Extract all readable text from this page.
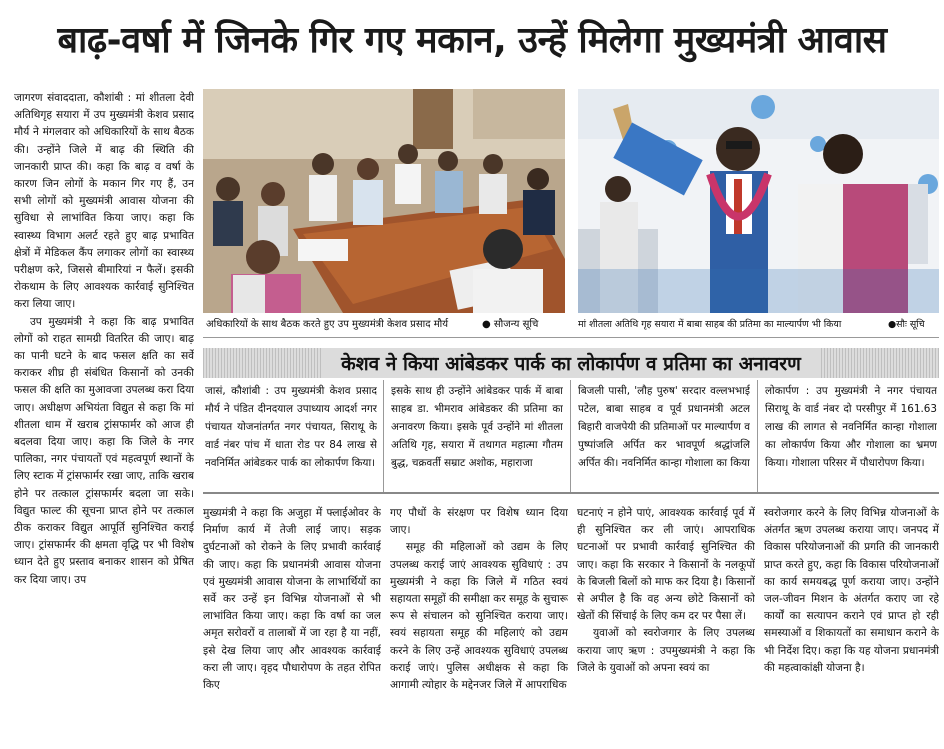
बाढ़-वर्षा में जिनके गिर गए मकान, उन्हें मिलेगा मुख्यमंत्री आवास

जागरण संवाददाता, कौशांबी : मां शीतला देवी अतिथिगृह सयारा में उप मुख्यमंत्री केशव प्रसाद मौर्य ने मंगलवार को अधिकारियों के साथ बैठक की। उन्होंने जिले में बाढ़ की स्थिति की जानकारी प्राप्त की। कहा कि बाढ़ व वर्षा के कारण जिन लोगों के मकान गिर गए हैं, उन सभी लोगों को मुख्यमंत्री आवास योजना की सुविधा से लाभांवित किया जाए। कहा कि स्वास्थ्य विभाग अलर्ट रहते हुए बाढ़ प्रभावित क्षेत्रों में मेडिकल कैंप लगाकर लोगों का स्वास्थ्य परीक्षण करे, जिससे बीमारियां न फैलें। इसकी रोकथाम के लिए आवश्यक कार्रवाई सुनिश्चित करा लिया जाए।

उप मुख्यमंत्री ने कहा कि बाढ़ प्रभावित लोगों को राहत सामग्री वितरित की जाए। बाढ़ का पानी घटने के बाद फसल क्षति का सर्वे कराकर शीघ्र ही संबंधित किसानों को उनकी फसल की क्षति का मुआवजा उपलब्ध करा दिया जाए। अधीक्षण अभियंता विद्युत से कहा कि मां शीतला धाम में खराब ट्रांसफार्मर को आज ही बदलवा दिया जाए। कहा कि जिले के नगर पालिका, नगर पंचायतों एवं महत्वपूर्ण स्थानों के लिए स्टाक में ट्रांसफार्मर रखा जाए, ताकि खराब होने पर तत्काल ट्रांसफार्मर बदला जा सके। विद्युत फाल्ट की सूचना प्राप्त होने पर तत्काल ठीक कराकर विद्युत आपूर्ति सुनिश्चित कराई जाए। ट्रांसफार्मर की क्षमता वृद्धि पर भी विशेष ध्यान देते हुए प्रस्ताव बनाकर शासन को प्रेषित कर दिया जाए। उप

अधिकारियों के साथ बैठक करते हुए उप मुख्यमंत्री केशव प्रसाद मौर्य	● सौजन्य सूचि	मां शीतला अतिथि गृह सयारा में बाबा साहब की प्रतिमा का माल्यार्पण भी किया	●सौः सूचि
केशव ने किया आंबेडकर पार्क का लोकार्पण व प्रतिमा का अनावरण
जासं, कौशांबी : उप मुख्यमंत्री केशव प्रसाद मौर्य ने पंडित दीनदयाल उपाध्याय आदर्श नगर पंचायत योजनांतर्गत नगर पंचायत, सिराथू के वार्ड नंबर पांच में धाता रोड पर 84 लाख से नवनिर्मित आंबेडकर पार्क का लोकार्पण किया।
इसके साथ ही उन्होंने आंबेडकर पार्क में बाबा साहब डा. भीमराव आंबेडकर की प्रतिमा का अनावरण किया। इसके पूर्व उन्होंने मां शीतला अतिथि गृह, सयारा में तथागत महात्मा गौतम बुद्ध, चक्रवर्ती सम्राट अशोक, महाराजा
बिजली पासी, 'लौह पुरुष' सरदार वल्लभभाई पटेल, बाबा साहब व पूर्व प्रधानमंत्री अटल बिहारी वाजपेयी की प्रतिमाओं पर माल्यार्पण व पुष्पांजलि अर्पित कर भावपूर्ण श्रद्धांजलि अर्पित की। नवनिर्मित कान्हा गोशाला का किया
लोकार्पण : उप मुख्यमंत्री ने नगर पंचायत सिराथू के वार्ड नंबर दो परसीपुर में 161.63 लाख की लागत से नवनिर्मित कान्हा गोशाला का लोकार्पण किया और गोशाला का भ्रमण किया। गोशाला परिसर में पौधारोपण किया।

मुख्यमंत्री ने कहा कि अजुहा में फ्लाईओवर के निर्माण कार्य में तेजी लाई जाए। सड़क दुर्घटनाओं को रोकने के लिए प्रभावी कार्रवाई की जाए। कहा कि प्रधानमंत्री आवास योजना एवं मुख्यमंत्री आवास योजना के लाभार्थियों का सर्वे कर उन्हें इन विभिन्न योजनाओं से भी लाभांवित किया जाए। कहा कि वर्षा का जल अमृत सरोवरों व तालाबों में जा रहा है या नहीं, इसे देख लिया जाए और आवश्यक कार्रवाई करा ली जाए। वृहद पौधारोपण के तहत रोपित किए

गए पौधों के संरक्षण पर विशेष ध्यान दिया जाए।

समूह की महिलाओं को उद्यम के लिए उपलब्ध कराई जाएं आवश्यक सुविधाएं : उप मुख्यमंत्री ने कहा कि जिले में गठित स्वयं सहायता समूहों की समीक्षा कर समूह के सुचारू रूप से संचालन को सुनिश्चित कराया जाए। स्वयं सहायता समूह की महिलाएं को उद्यम करने के लिए उन्हें आवश्यक सुविधाएं उपलब्ध कराई जाएं। पुलिस अधीक्षक से कहा कि आगामी त्योहार के मद्देनजर जिले में आपराधिक

घटनाएं न होने पाएं, आवश्यक कार्रवाई पूर्व में ही सुनिश्चित कर ली जाएं। आपराधिक घटनाओं पर प्रभावी कार्रवाई सुनिश्चित की जाए। कहा कि सरकार ने किसानों के नलकूपों के बिजली बिलों को माफ कर दिया है। किसानों से अपील है कि वह अन्य छोटे किसानों को खेतों की सिंचाई के लिए कम दर पर पैसा लें।

युवाओं को स्वरोजगार के लिए उपलब्ध कराया जाए ऋण : उपमुख्यमंत्री ने कहा कि जिले के युवाओं को अपना स्वयं का

स्वरोजगार करने के लिए विभिन्न योजनाओं के अंतर्गत ऋण उपलब्ध कराया जाए। जनपद में विकास परियोजनाओं की प्रगति की जानकारी प्राप्त करते हुए, कहा कि विकास परियोजनाओं का कार्य समयबद्ध पूर्ण कराया जाए। उन्होंने जल-जीवन मिशन के अंतर्गत कराए जा रहे कार्यों का सत्यापन कराने एवं प्राप्त हो रही समस्याओं व शिकायतों का समाधान कराने के भी निर्देश दिए। कहा कि यह योजना प्रधानमंत्री की महत्वाकांक्षी योजना है।
